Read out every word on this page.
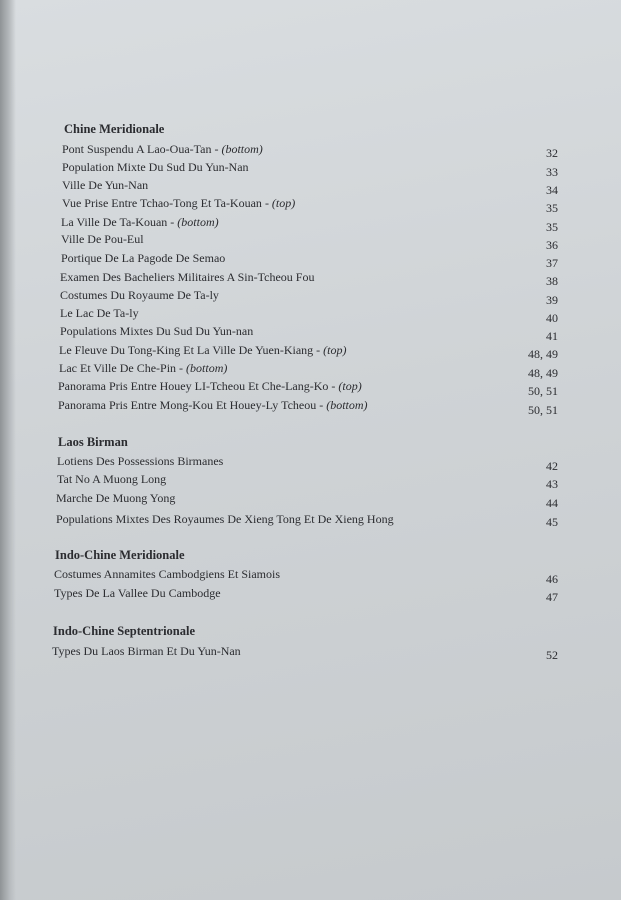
Chine Meridionale
Pont Suspendu A Lao-Oua-Tan - (bottom)	32
Population Mixte Du Sud Du Yun-Nan	33
Ville De Yun-Nan	34
Vue Prise Entre Tchao-Tong Et Ta-Kouan - (top)	35
La Ville De Ta-Kouan - (bottom)	35
Ville De Pou-Eul	36
Portique De La Pagode De Semao	37
Examen Des Bacheliers Militaires A Sin-Tcheou Fou	38
Costumes Du Royaume De Ta-ly	39
Le Lac De Ta-ly	40
Populations Mixtes Du Sud Du Yun-nan	41
Le Fleuve Du Tong-King Et La Ville De Yuen-Kiang - (top)	48, 49
Lac Et Ville De Che-Pin - (bottom)	48, 49
Panorama Pris Entre Houey LI-Tcheou Et Che-Lang-Ko - (top)	50, 51
Panorama Pris Entre Mong-Kou Et Houey-Ly Tcheou - (bottom)	50, 51
Laos Birman
Lotiens Des Possessions Birmanes	42
Tat No A Muong Long	43
Marche De Muong Yong	44
Populations Mixtes Des Royaumes De Xieng Tong Et De Xieng Hong	45
Indo-Chine Meridionale
Costumes Annamites Cambodgiens Et Siamois	46
Types De La Vallee Du Cambodge	47
Indo-Chine Septentrionale
Types Du Laos Birman Et Du Yun-Nan	52
